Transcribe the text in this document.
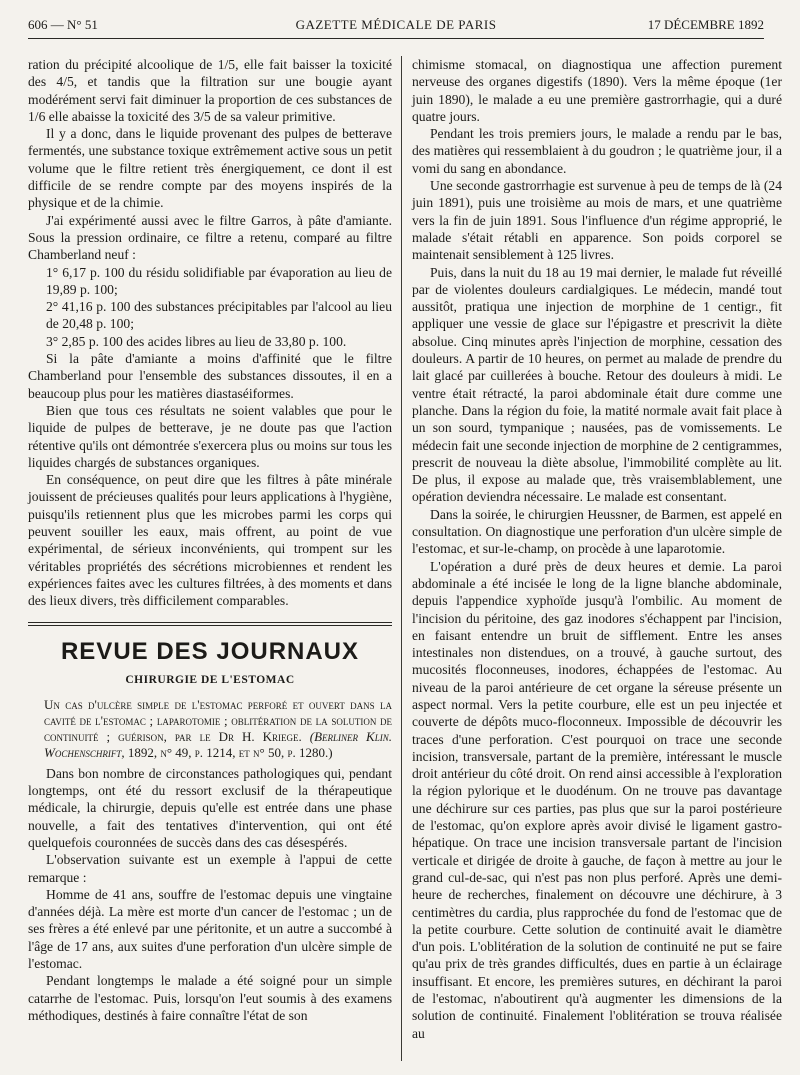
606 — N° 51	GAZETTE MÉDICALE DE PARIS	17 DÉCEMBRE 1892

ration du précipité alcoolique de 1/5, elle fait baisser la toxicité des 4/5, et tandis que la filtration sur une bougie ayant modérément servi fait diminuer la proportion de ces substances de 1/6 elle abaisse la toxicité des 3/5 de sa valeur primitive.

Il y a donc, dans le liquide provenant des pulpes de betterave fermentés, une substance toxique extrêmement active sous un petit volume que le filtre retient très énergiquement, ce dont il est difficile de se rendre compte par des moyens inspirés de la physique et de la chimie.

J'ai expérimenté aussi avec le filtre Garros, à pâte d'amiante. Sous la pression ordinaire, ce filtre a retenu, comparé au filtre Chamberland neuf :

1° 6,17 p. 100 du résidu solidifiable par évaporation au lieu de 19,89 p. 100;

2° 41,16 p. 100 des substances précipitables par l'alcool au lieu de 20,48 p. 100;

3° 2,85 p. 100 des acides libres au lieu de 33,80 p. 100.

Si la pâte d'amiante a moins d'affinité que le filtre Chamberland pour l'ensemble des substances dissoutes, il en a beaucoup plus pour les matières diastaséiformes.

Bien que tous ces résultats ne soient valables que pour le liquide de pulpes de betterave, je ne doute pas que l'action rétentive qu'ils ont démontrée s'exercera plus ou moins sur tous les liquides chargés de substances organiques.

En conséquence, on peut dire que les filtres à pâte minérale jouissent de précieuses qualités pour leurs applications à l'hygiène, puisqu'ils retiennent plus que les microbes parmi les corps qui peuvent souiller les eaux, mais offrent, au point de vue expérimental, de sérieux inconvénients, qui trompent sur les véritables propriétés des sécrétions microbiennes et rendent les expériences faites avec les cultures filtrées, à des moments et dans des lieux divers, très difficilement comparables.

REVUE DES JOURNAUX
CHIRURGIE DE L'ESTOMAC

Un cas d'ulcère simple de l'estomac perforé et ouvert dans la cavité de l'estomac ; laparotomie ; oblitération de la solution de continuité ; guérison, par le Dr H. Kriege. (Berliner Klin. Wochenschrift, 1892, n° 49, p. 1214, et n° 50, p. 1280.)

Dans bon nombre de circonstances pathologiques qui, pendant longtemps, ont été du ressort exclusif de la thérapeutique médicale, la chirurgie, depuis qu'elle est entrée dans une phase nouvelle, a fait des tentatives d'intervention, qui ont été quelquefois couronnées de succès dans des cas désespérés.

L'observation suivante est un exemple à l'appui de cette remarque :

Homme de 41 ans, souffre de l'estomac depuis une vingtaine d'années déjà. La mère est morte d'un cancer de l'estomac ; un de ses frères a été enlevé par une péritonite, et un autre a succombé à l'âge de 17 ans, aux suites d'une perforation d'un ulcère simple de l'estomac.

Pendant longtemps le malade a été soigné pour un simple catarrhe de l'estomac. Puis, lorsqu'on l'eut soumis à des examens méthodiques, destinés à faire connaître l'état de son

chimisme stomacal, on diagnostiqua une affection purement nerveuse des organes digestifs (1890). Vers la même époque (1er juin 1890), le malade a eu une première gastrorrhagie, qui a duré quatre jours.

Pendant les trois premiers jours, le malade a rendu par le bas, des matières qui ressemblaient à du goudron ; le quatrième jour, il a vomi du sang en abondance.

Une seconde gastrorrhagie est survenue à peu de temps de là (24 juin 1891), puis une troisième au mois de mars, et une quatrième vers la fin de juin 1891. Sous l'influence d'un régime approprié, le malade s'était rétabli en apparence. Son poids corporel se maintenait sensiblement à 125 livres.

Puis, dans la nuit du 18 au 19 mai dernier, le malade fut réveillé par de violentes douleurs cardialgiques. Le médecin, mandé tout aussitôt, pratiqua une injection de morphine de 1 centigr., fit appliquer une vessie de glace sur l'épigastre et prescrivit la diète absolue. Cinq minutes après l'injection de morphine, cessation des douleurs. A partir de 10 heures, on permet au malade de prendre du lait glacé par cuillerées à bouche. Retour des douleurs à midi. Le ventre était rétracté, la paroi abdominale était dure comme une planche. Dans la région du foie, la matité normale avait fait place à un son sourd, tympanique ; nausées, pas de vomissements. Le médecin fait une seconde injection de morphine de 2 centigrammes, prescrit de nouveau la diète absolue, l'immobilité complète au lit. De plus, il expose au malade que, très vraisemblablement, une opération deviendra nécessaire. Le malade est consentant.

Dans la soirée, le chirurgien Heussner, de Barmen, est appelé en consultation. On diagnostique une perforation d'un ulcère simple de l'estomac, et sur-le-champ, on procède à une laparotomie.

L'opération a duré près de deux heures et demie. La paroi abdominale a été incisée le long de la ligne blanche abdominale, depuis l'appendice xyphoïde jusqu'à l'ombilic. Au moment de l'incision du péritoine, des gaz inodores s'échappent par l'incision, en faisant entendre un bruit de sifflement. Entre les anses intestinales non distendues, on a trouvé, à gauche surtout, des mucosités floconneuses, inodores, échappées de l'estomac. Au niveau de la paroi antérieure de cet organe la séreuse présente un aspect normal. Vers la petite courbure, elle est un peu injectée et couverte de dépôts muco-floconneux. Impossible de découvrir les traces d'une perforation. C'est pourquoi on trace une seconde incision, transversale, partant de la première, intéressant le muscle droit antérieur du côté droit. On rend ainsi accessible à l'exploration la région pylorique et le duodénum. On ne trouve pas davantage une déchirure sur ces parties, pas plus que sur la paroi postérieure de l'estomac, qu'on explore après avoir divisé le ligament gastro-hépatique. On trace une incision transversale partant de l'incision verticale et dirigée de droite à gauche, de façon à mettre au jour le grand cul-de-sac, qui n'est pas non plus perforé. Après une demi-heure de recherches, finalement on découvre une déchirure, à 3 centimètres du cardia, plus rapprochée du fond de l'estomac que de la petite courbure. Cette solution de continuité avait le diamètre d'un pois. L'oblitération de la solution de continuité ne put se faire qu'au prix de très grandes difficultés, dues en partie à un éclairage insuffisant. Et encore, les premières sutures, en déchirant la paroi de l'estomac, n'aboutirent qu'à augmenter les dimensions de la solution de continuité. Finalement l'oblitération se trouva réalisée au
